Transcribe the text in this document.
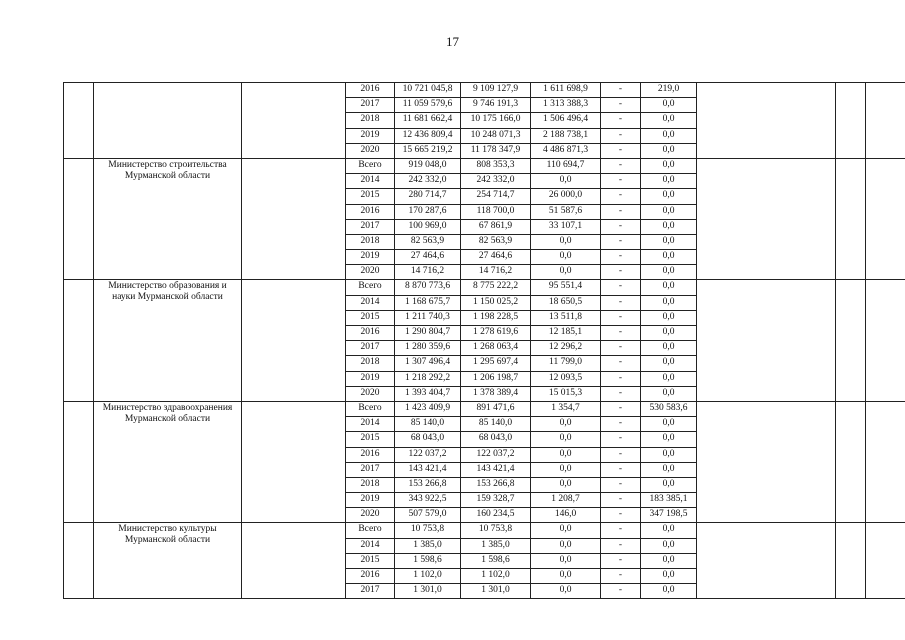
17
			2016	10 721 045,8	9 109 127,9	1 611 698,9	-	219,0			
			2017	11 059 579,6	9 746 191,3	1 313 388,3	-	0,0			
			2018	11 681 662,4	10 175 166,0	1 506 496,4	-	0,0			
			2019	12 436 809,4	10 248 071,3	2 188 738,1	-	0,0			
			2020	15 665 219,2	11 178 347,9	4 486 871,3	-	0,0			
	Министерство строительства Мурманской области		Всего	919 048,0	808 353,3	110 694,7	-	0,0			
			2014	242 332,0	242 332,0	0,0	-	0,0			
			2015	280 714,7	254 714,7	26 000,0	-	0,0			
			2016	170 287,6	118 700,0	51 587,6	-	0,0			
			2017	100 969,0	67 861,9	33 107,1	-	0,0			
			2018	82 563,9	82 563,9	0,0	-	0,0			
			2019	27 464,6	27 464,6	0,0	-	0,0			
			2020	14 716,2	14 716,2	0,0	-	0,0			
	Министерство образования и науки Мурманской области		Всего	8 870 773,6	8 775 222,2	95 551,4	-	0,0			
			2014	1 168 675,7	1 150 025,2	18 650,5	-	0,0			
			2015	1 211 740,3	1 198 228,5	13 511,8	-	0,0			
			2016	1 290 804,7	1 278 619,6	12 185,1	-	0,0			
			2017	1 280 359,6	1 268 063,4	12 296,2	-	0,0			
			2018	1 307 496,4	1 295 697,4	11 799,0	-	0,0			
			2019	1 218 292,2	1 206 198,7	12 093,5	-	0,0			
			2020	1 393 404,7	1 378 389,4	15 015,3	-	0,0			
	Министерство здравоохранения Мурманской области		Всего	1 423 409,9	891 471,6	1 354,7	-	530 583,6			
			2014	85 140,0	85 140,0	0,0	-	0,0			
			2015	68 043,0	68 043,0	0,0	-	0,0			
			2016	122 037,2	122 037,2	0,0	-	0,0			
			2017	143 421,4	143 421,4	0,0	-	0,0			
			2018	153 266,8	153 266,8	0,0	-	0,0			
			2019	343 922,5	159 328,7	1 208,7	-	183 385,1			
			2020	507 579,0	160 234,5	146,0	-	347 198,5			
	Министерство культуры Мурманской области		Всего	10 753,8	10 753,8	0,0	-	0,0			
			2014	1 385,0	1 385,0	0,0	-	0,0			
			2015	1 598,6	1 598,6	0,0	-	0,0			
			2016	1 102,0	1 102,0	0,0	-	0,0			
			2017	1 301,0	1 301,0	0,0	-	0,0			
